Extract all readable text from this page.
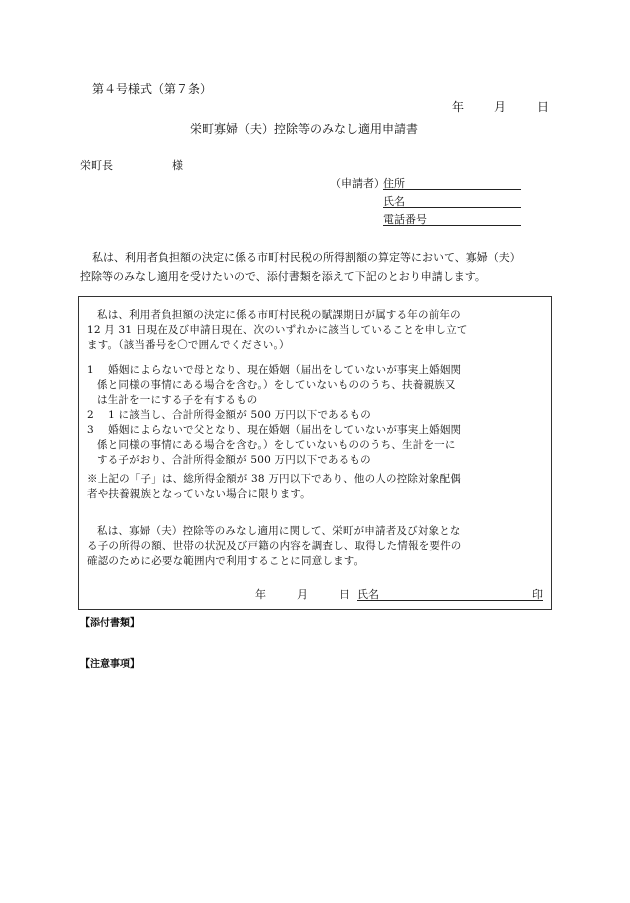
第４号様式（第７条）
年 月	日
栄町寡婦（夫）控除等のみなし適用申請書
栄町長	様
（申請者）
住所
氏名
電話番号
私は、利用者負担額の決定に係る市町村民税の所得割額の算定等において、寡婦（夫）
控除等のみなし適用を受けたいので、添付書類を添えて下記のとおり申請します。
私は、利用者負担額の決定に係る市町村民税の賦課期日が属する年の前年の
12 月 31 日現在及び申請日現在、次のいずれかに該当していることを申し立て
ます。（該当番号を〇で囲んでください。）
1　 婚姻によらないで母となり、現在婚姻（届出をしていないが事実上婚姻関
係と同様の事情にある場合を含む。）をしていないもののうち、扶養親族又
は生計を一にする子を有するもの
2　 1 に該当し、合計所得金額が 500 万円以下であるもの
3　 婚姻によらないで父となり、現在婚姻（届出をしていないが事実上婚姻関
係と同様の事情にある場合を含む。）をしていないもののうち、生計を一に
する子がおり、合計所得金額が 500 万円以下であるもの
※上記の「子」は、総所得金額が 38 万円以下であり、他の人の控除対象配偶
者や扶養親族となっていない場合に限ります。
私は、寡婦（夫）控除等のみなし適用に関して、栄町が申請者及び対象とな
る子の所得の額、世帯の状況及び戸籍の内容を調査し、取得した情報を要件の
確認のために必要な範囲内で利用することに同意します。
年	月	日 氏名	印
【添付書類】
【注意事項】
